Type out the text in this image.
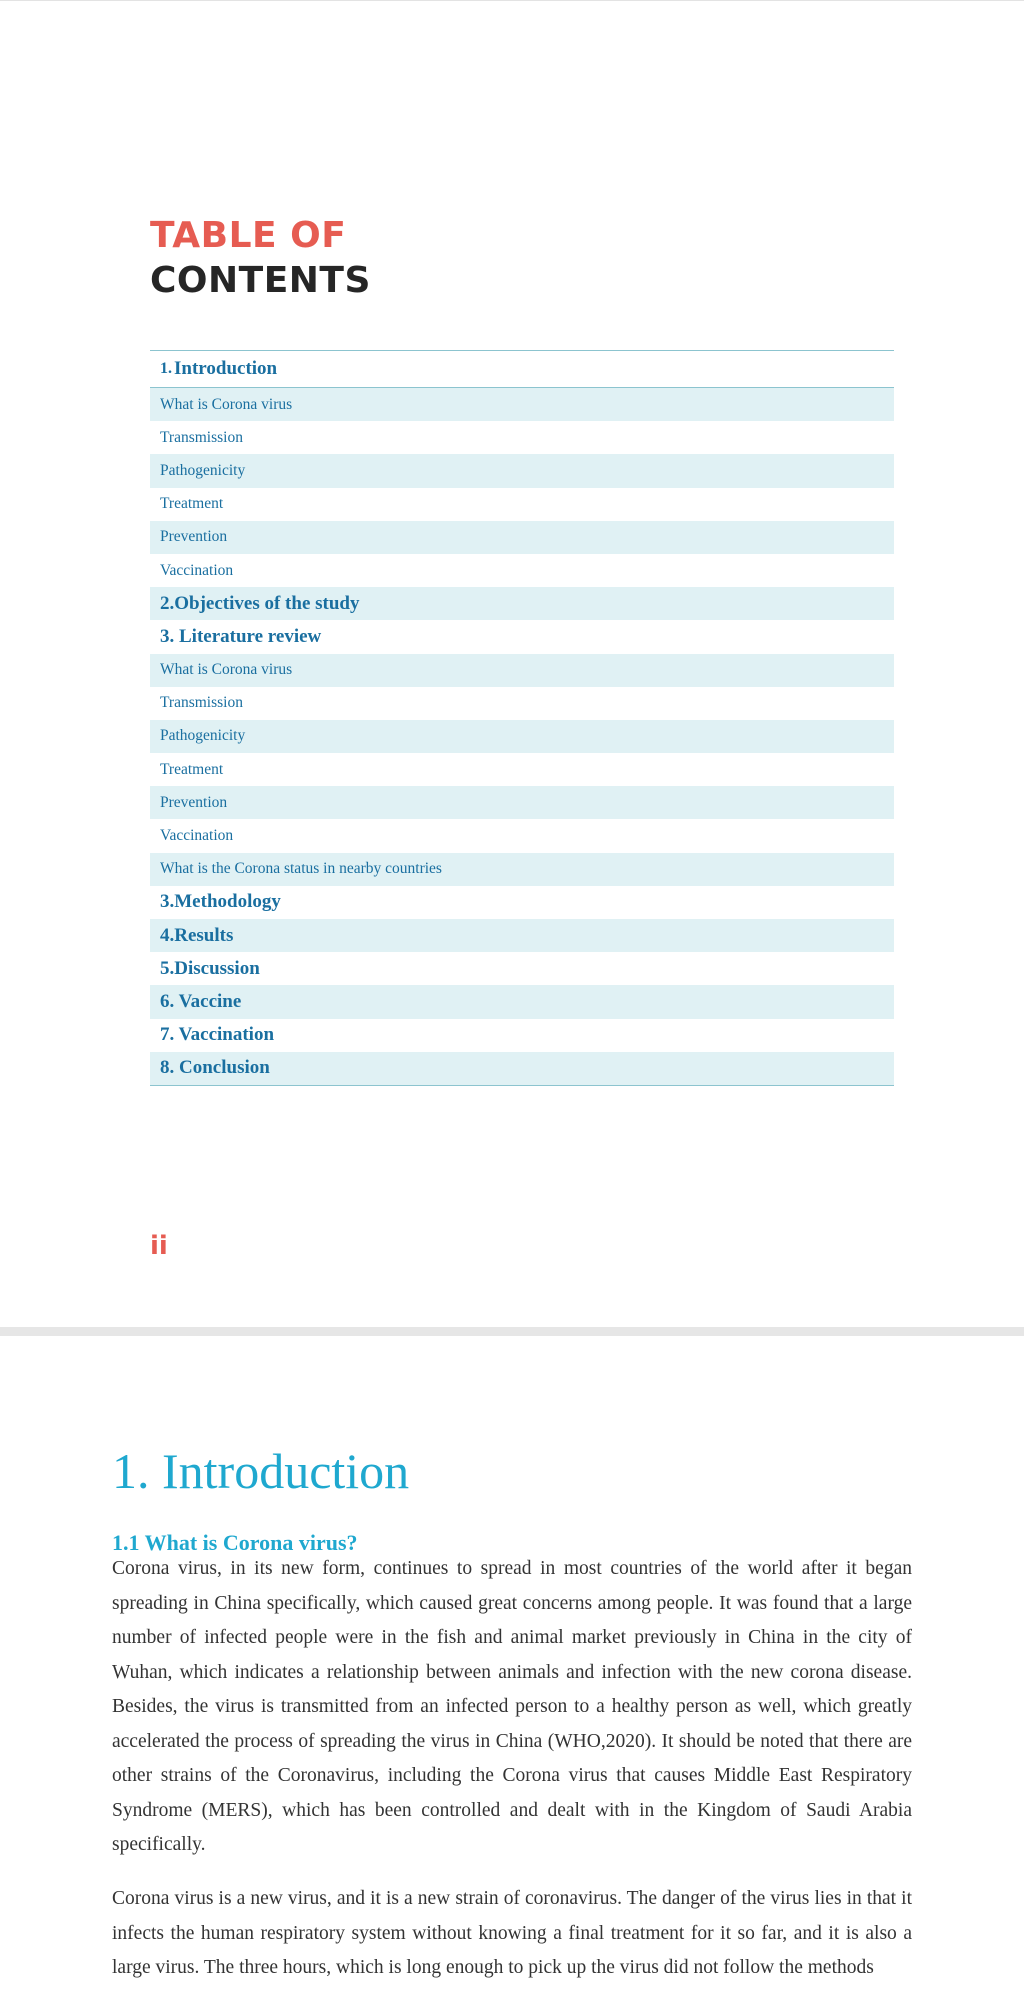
TABLE OF
CONTENTS
1. Introduction
What is Corona virus
Transmission
Pathogenicity
Treatment
Prevention
Vaccination
2.Objectives of the study
3. Literature review
What is Corona virus
Transmission
Pathogenicity
Treatment
Prevention
Vaccination
What is the Corona status in nearby countries
3.Methodology
4.Results
5.Discussion
6. Vaccine
7. Vaccination
8. Conclusion
ii
1. Introduction
1.1 What is Corona virus?

Corona virus, in its new form, continues to spread in most countries of the world after it began spreading in China specifically, which caused great concerns among people. It was found that a large number of infected people were in the fish and animal market previously in China in the city of Wuhan, which indicates a relationship between animals and infection with the new corona disease. Besides, the virus is transmitted from an infected person to a healthy person as well, which greatly accelerated the process of spreading the virus in China (WHO,2020). It should be noted that there are other strains of the Coronavirus, including the Corona virus that causes Middle East Respiratory Syndrome (MERS), which has been controlled and dealt with in the Kingdom of Saudi Arabia specifically.

Corona virus is a new virus, and it is a new strain of coronavirus. The danger of the virus lies in that it infects the human respiratory system without knowing a final treatment for it so far, and it is also a large virus. The three hours, which is long enough to pick up the virus did not follow the methods
